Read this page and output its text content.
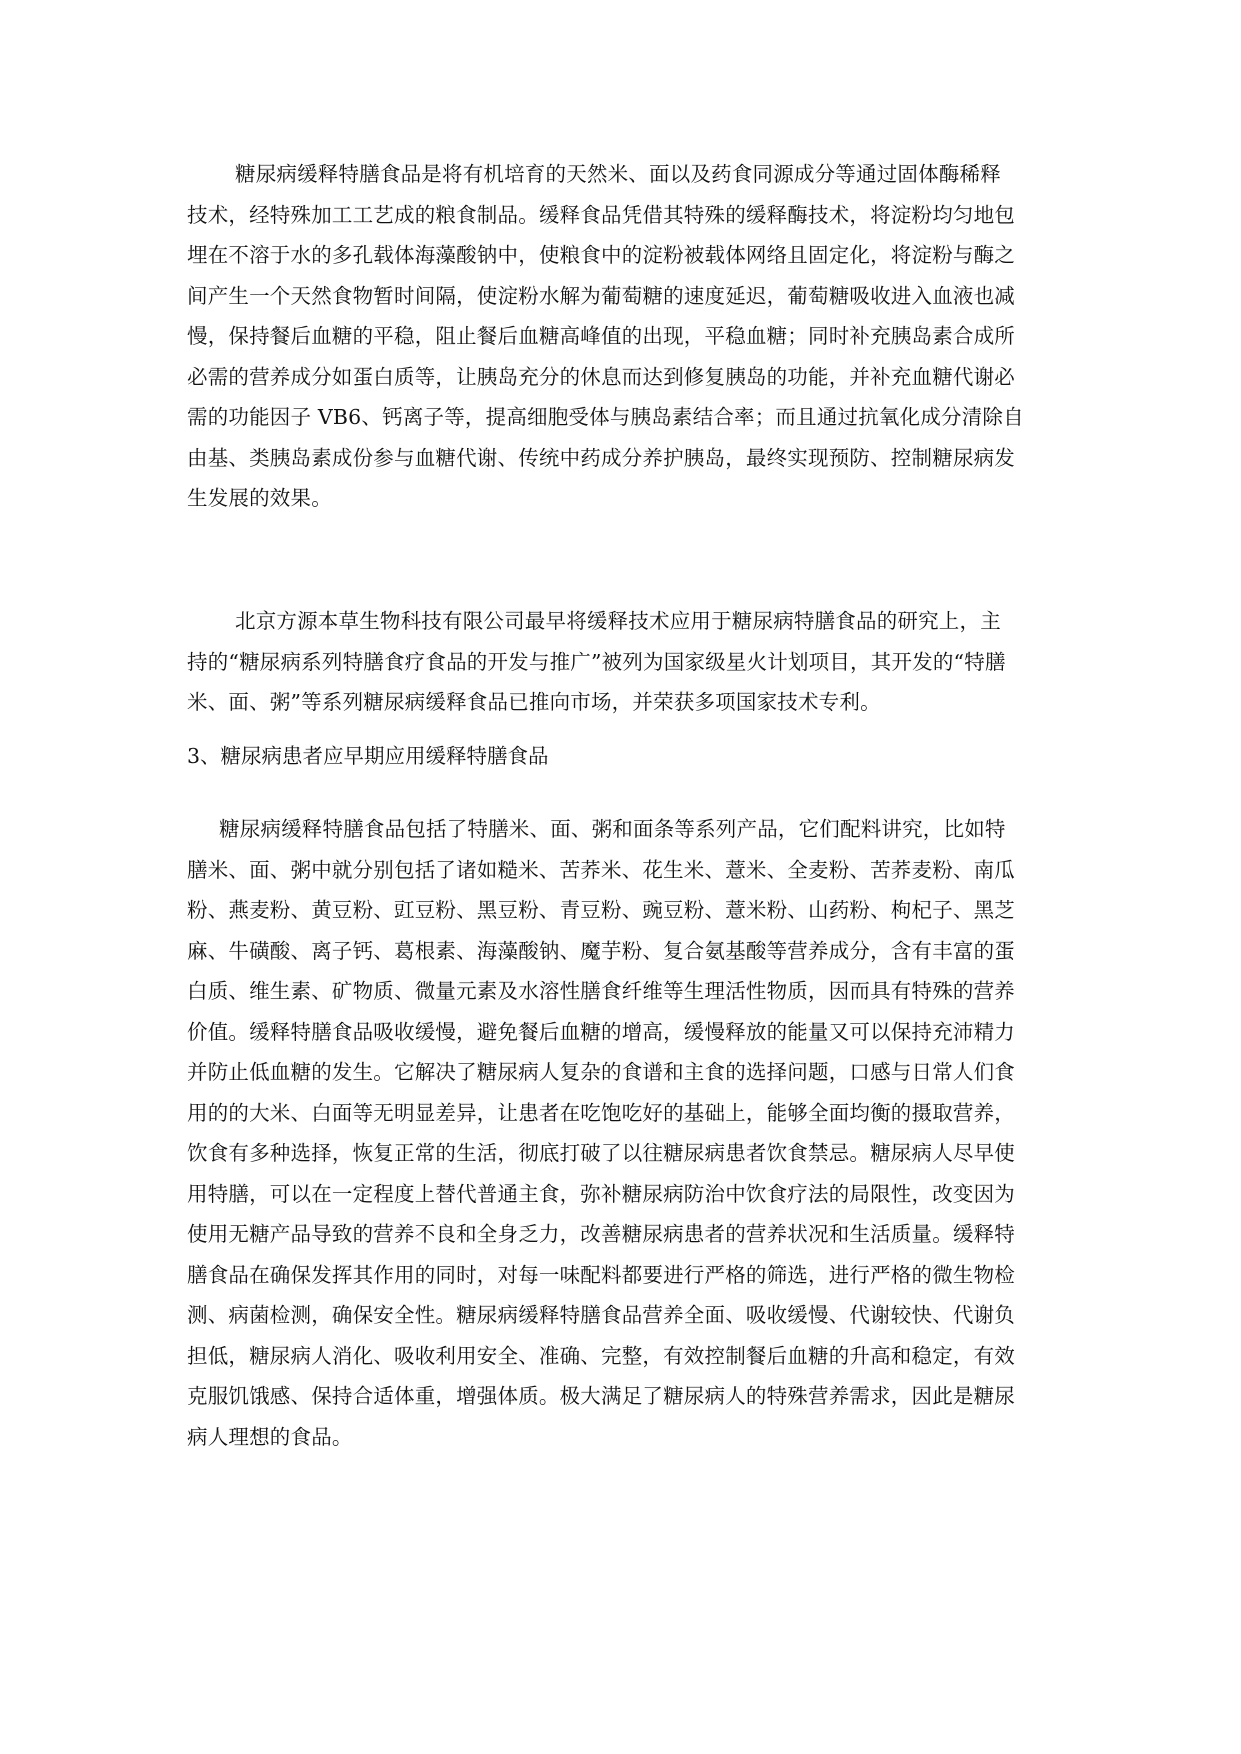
糖尿病缓释特膳食品是将有机培育的天然米、面以及药食同源成分等通过固体酶稀释
技术，经特殊加工工艺成的粮食制品。缓释食品凭借其特殊的缓释酶技术，将淀粉均匀地包
埋在不溶于水的多孔载体海藻酸钠中，使粮食中的淀粉被载体网络且固定化，将淀粉与酶之
间产生一个天然食物暂时间隔，使淀粉水解为葡萄糖的速度延迟，葡萄糖吸收进入血液也减
慢，保持餐后血糖的平稳，阻止餐后血糖高峰值的出现，平稳血糖；同时补充胰岛素合成所
必需的营养成分如蛋白质等，让胰岛充分的休息而达到修复胰岛的功能，并补充血糖代谢必
需的功能因子 VB6、钙离子等，提高细胞受体与胰岛素结合率；而且通过抗氧化成分清除自
由基、类胰岛素成份参与血糖代谢、传统中药成分养护胰岛，最终实现预防、控制糖尿病发
生发展的效果。
北京方源本草生物科技有限公司最早将缓释技术应用于糖尿病特膳食品的研究上，主
持的“糖尿病系列特膳食疗食品的开发与推广”被列为国家级星火计划项目，其开发的“特膳
米、面、粥”等系列糖尿病缓释食品已推向市场，并荣获多项国家技术专利。
3、糖尿病患者应早期应用缓释特膳食品
糖尿病缓释特膳食品包括了特膳米、面、粥和面条等系列产品，它们配料讲究，比如特
膳米、面、粥中就分别包括了诸如糙米、苦荞米、花生米、薏米、全麦粉、苦荞麦粉、南瓜
粉、燕麦粉、黄豆粉、豇豆粉、黑豆粉、青豆粉、豌豆粉、薏米粉、山药粉、枸杞子、黑芝
麻、牛磺酸、离子钙、葛根素、海藻酸钠、魔芋粉、复合氨基酸等营养成分，含有丰富的蛋
白质、维生素、矿物质、微量元素及水溶性膳食纤维等生理活性物质，因而具有特殊的营养
价值。缓释特膳食品吸收缓慢，避免餐后血糖的增高，缓慢释放的能量又可以保持充沛精力
并防止低血糖的发生。它解决了糖尿病人复杂的食谱和主食的选择问题，口感与日常人们食
用的的大米、白面等无明显差异，让患者在吃饱吃好的基础上，能够全面均衡的摄取营养，
饮食有多种选择，恢复正常的生活，彻底打破了以往糖尿病患者饮食禁忌。糖尿病人尽早使
用特膳，可以在一定程度上替代普通主食，弥补糖尿病防治中饮食疗法的局限性，改变因为
使用无糖产品导致的营养不良和全身乏力，改善糖尿病患者的营养状况和生活质量。缓释特
膳食品在确保发挥其作用的同时，对每一味配料都要进行严格的筛选，进行严格的微生物检
测、病菌检测，确保安全性。糖尿病缓释特膳食品营养全面、吸收缓慢、代谢较快、代谢负
担低，糖尿病人消化、吸收利用安全、准确、完整，有效控制餐后血糖的升高和稳定，有效
克服饥饿感、保持合适体重，增强体质。极大满足了糖尿病人的特殊营养需求，因此是糖尿
病人理想的食品。
